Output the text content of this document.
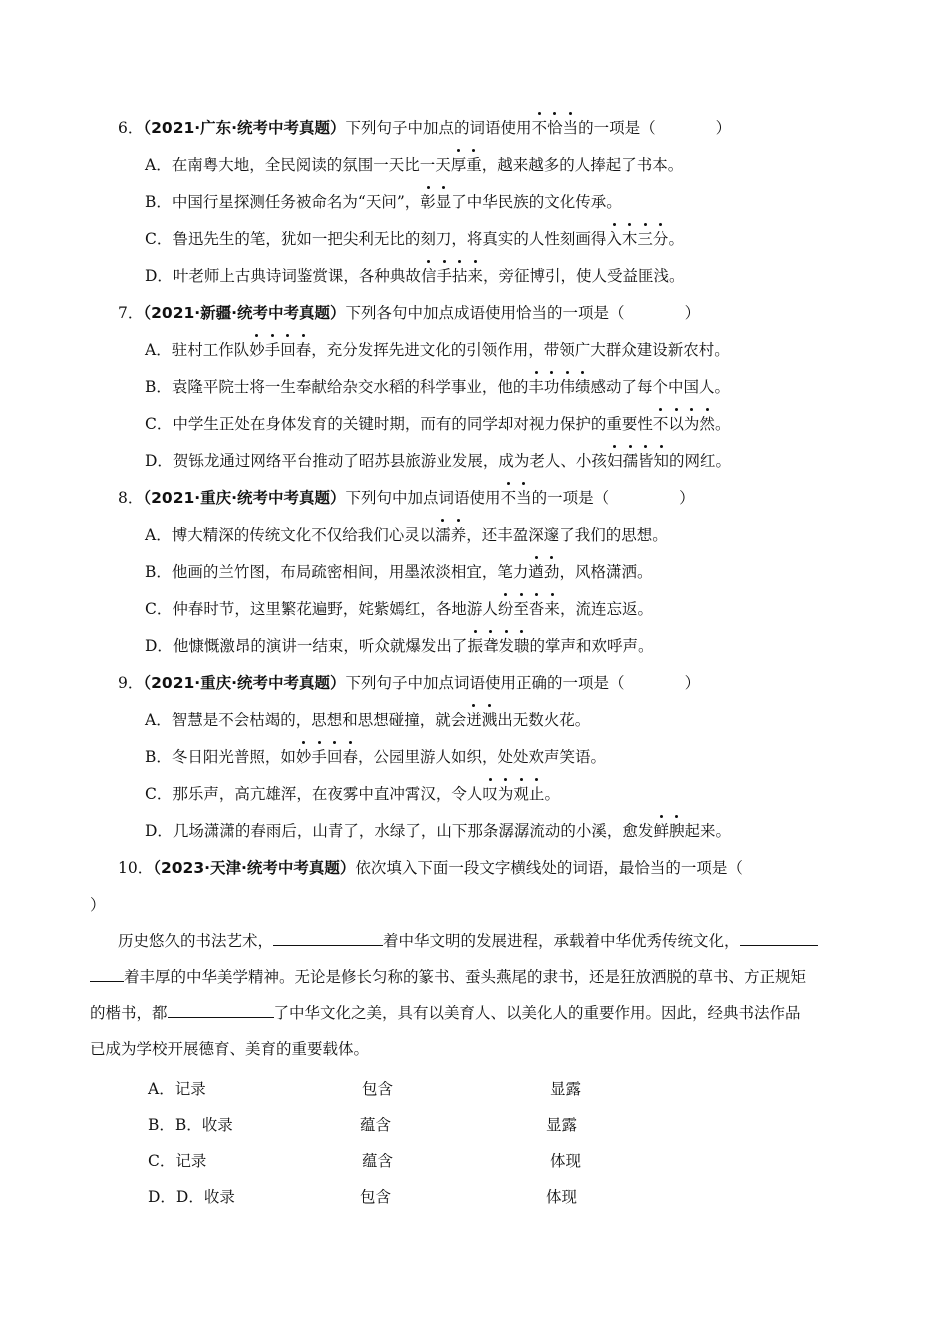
6．（2021·广东·统考中考真题）下列句子中加点的词语使用不恰当的一项是（	）
A．在南粤大地，全民阅读的氛围一天比一天厚重，越来越多的人捧起了书本。
B．中国行星探测任务被命名为“天问”，彰显了中华民族的文化传承。
C．鲁迅先生的笔，犹如一把尖利无比的刻刀，将真实的人性刻画得入木三分。
D．叶老师上古典诗词鉴赏课，各种典故信手拈来，旁征博引，使人受益匪浅。
7．（2021·新疆·统考中考真题）下列各句中加点成语使用恰当的一项是（	）
A．驻村工作队妙手回春，充分发挥先进文化的引领作用，带领广大群众建设新农村。
B．袁隆平院士将一生奉献给杂交水稻的科学事业，他的丰功伟绩感动了每个中国人。
C．中学生正处在身体发育的关键时期，而有的同学却对视力保护的重要性不以为然。
D．贺铄龙通过网络平台推动了昭苏县旅游业发展，成为老人、小孩妇孺皆知的网红。
8．（2021·重庆·统考中考真题）下列句中加点词语使用不当的一项是（	）
A．博大精深的传统文化不仅给我们心灵以濡养，还丰盈深邃了我们的思想。
B．他画的兰竹图，布局疏密相间，用墨浓淡相宜，笔力遒劲，风格潇洒。
C．仲春时节，这里繁花遍野，姹紫嫣红，各地游人纷至沓来，流连忘返。
D．他慷慨激昂的演讲一结束，听众就爆发出了振聋发聩的掌声和欢呼声。
9．（2021·重庆·统考中考真题）下列句子中加点词语使用正确的一项是（	）
A．智慧是不会枯竭的，思想和思想碰撞，就会迸溅出无数火花。
B．冬日阳光普照，如妙手回春，公园里游人如织，处处欢声笑语。
C．那乐声，高亢雄浑，在夜雾中直冲霄汉，令人叹为观止。
D．几场潇潇的春雨后，山青了，水绿了，山下那条潺潺流动的小溪，愈发鲜腴起来。
10．（2023·天津·统考中考真题）依次填入下面一段文字横线处的词语，最恰当的一项是（
）
历史悠久的书法艺术，	着中华文明的发展进程，承载着中华优秀传统文化，
着丰厚的中华美学精神。无论是修长匀称的篆书、蚕头燕尾的隶书，还是狂放洒脱的草书、方正规矩
的楷书，都	了中华文化之美，具有以美育人、以美化人的重要作用。因此，经典书法作品
已成为学校开展德育、美育的重要载体。
A．记录	包含	显露
B．B．收录	蕴含	显露
C．记录	蕴含	体现
D．D．收录	包含	体现
